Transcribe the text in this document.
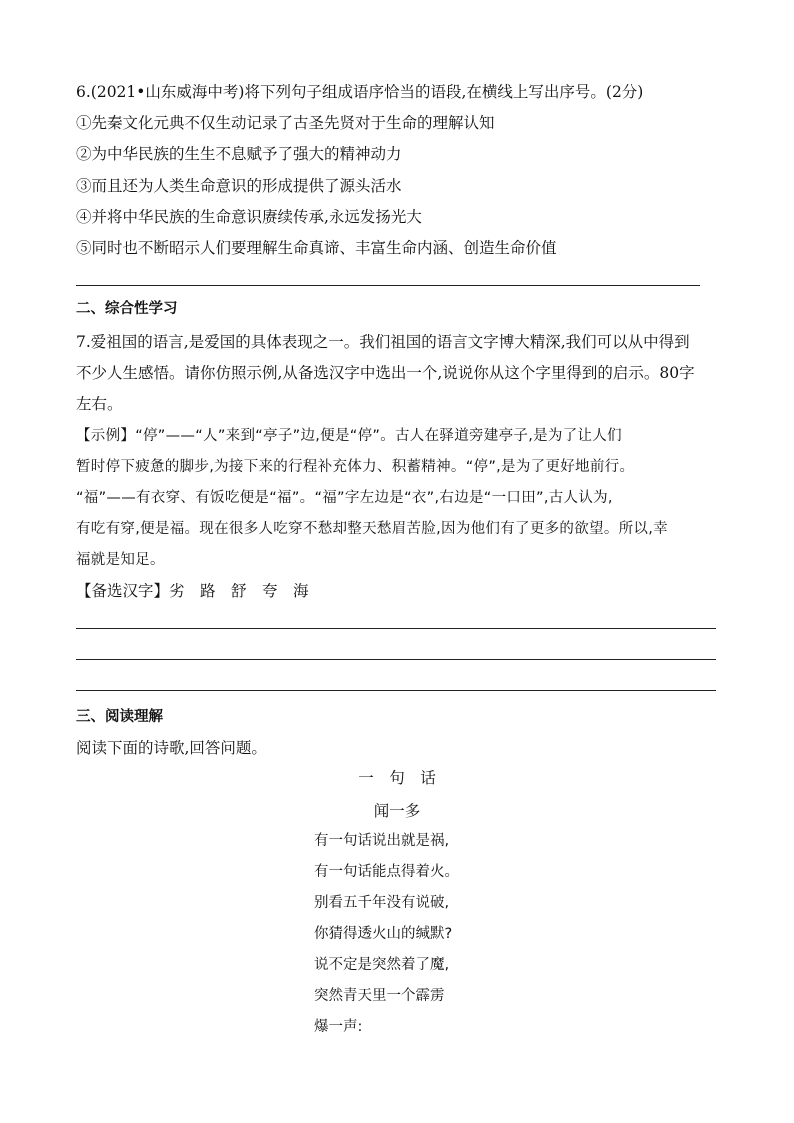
6.(2021•山东威海中考)将下列句子组成语序恰当的语段,在横线上写出序号。(2分)
①先秦文化元典不仅生动记录了古圣先贤对于生命的理解认知
②为中华民族的生生不息赋予了强大的精神动力
③而且还为人类生命意识的形成提供了源头活水
④并将中华民族的生命意识赓续传承,永远发扬光大
⑤同时也不断昭示人们要理解生命真谛、丰富生命内涵、创造生命价值
二、综合性学习
7.爱祖国的语言,是爱国的具体表现之一。我们祖国的语言文字博大精深,我们可以从中得到
不少人生感悟。请你仿照示例,从备选汉字中选出一个,说说你从这个字里得到的启示。80字
左右。
【示例】“停”——“人”来到“亭子”边,便是“停”。古人在驿道旁建亭子,是为了让人们
暂时停下疲惫的脚步,为接下来的行程补充体力、积蓄精神。“停”,是为了更好地前行。
“福”——有衣穿、有饭吃便是“福”。“福”字左边是“衣”,右边是“一口田”,古人认为,
有吃有穿,便是福。现在很多人吃穿不愁却整天愁眉苦脸,因为他们有了更多的欲望。所以,幸
福就是知足。
【备选汉字】劣　路　舒　夸　海
三、阅读理解
阅读下面的诗歌,回答问题。
一　句　话
闻一多
有一句话说出就是祸,
有一句话能点得着火。
别看五千年没有说破,
你猜得透火山的缄默?
说不定是突然着了魔,
突然青天里一个霹雳
爆一声:
